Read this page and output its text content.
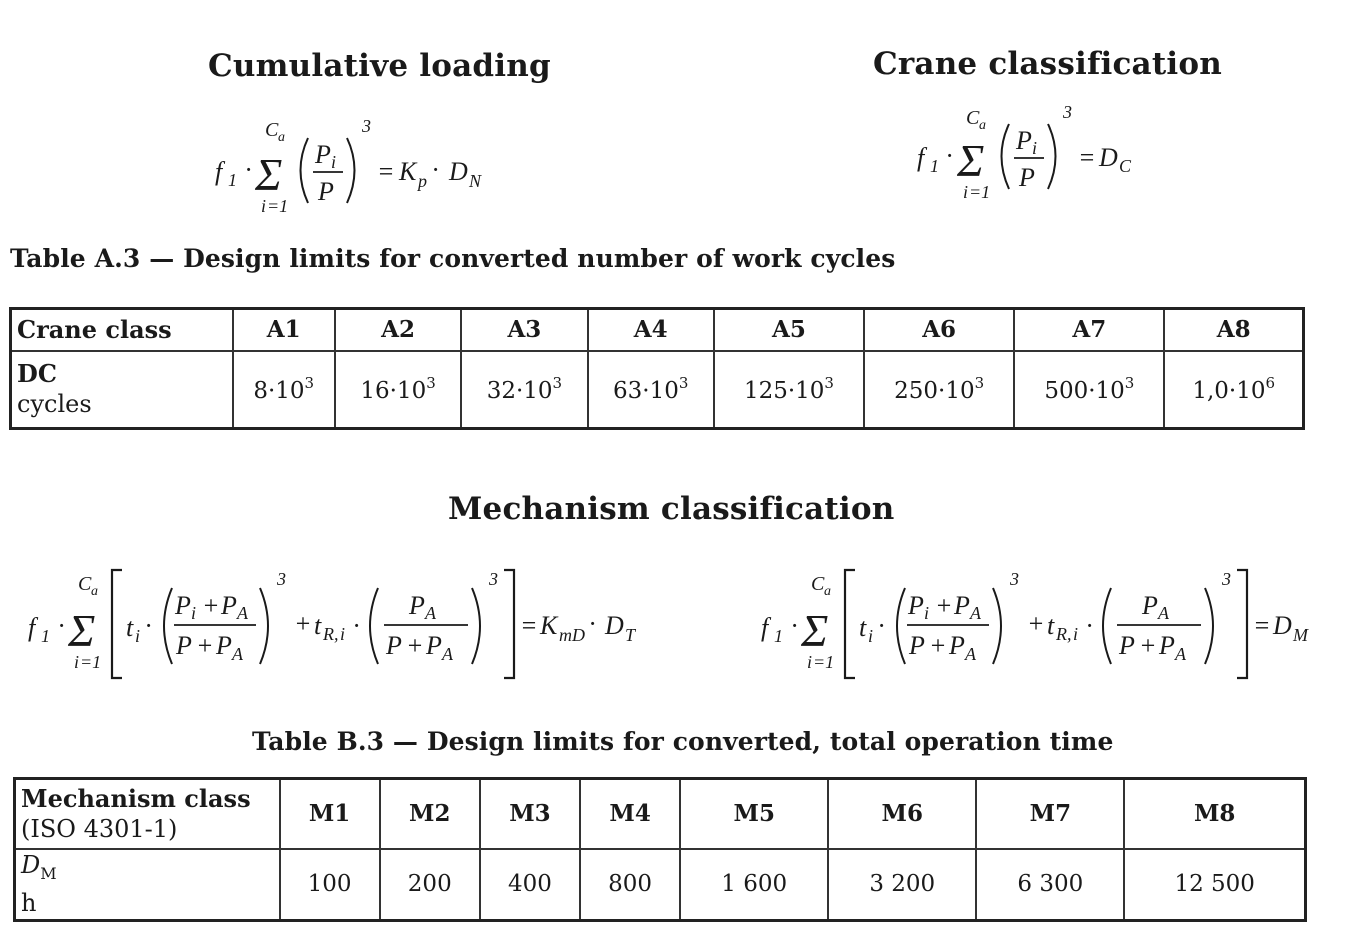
Cumulative loading	Crane classification
Mechanism classification
f 1 ·
C a
Σ
i =1
P i
P
3
= K p · D N
f 1 ·
C a
Σ
i =1
P i
P
3
= D C

Table A.3 — Design limits for converted number of work cycles

Crane class	A1	A2	A3	A4	A5	A6	A7	A8

DC
cycles	$8\cdot 10^3$	$16\cdot 10^3$	$32\cdot 10^3$	$63\cdot 10^3$	$125\cdot 10^3$	$250\cdot 10^3$	$500\cdot 10^3$	$1,0\cdot 10^6$
f 1 ·
C a
Σ
i =1
t i ·
P i + P A
P + P A
3
+ t R, i ·
P A
P + P A
3
= K mD · D T	f 1 ·
C a
Σ
i =1
t i ·
P i + P A
P + P A
3
+ t R, i ·
P A
P + P A
3
= D M

Table B.3 — Design limits for converted, total operation time

Mechanism class
(ISO 4301-1)	M1	M2	M3	M4	M5	M6	M7	M8

$D_M$
h	100	200	400	800	1 600	3 200	6 300	12 500
